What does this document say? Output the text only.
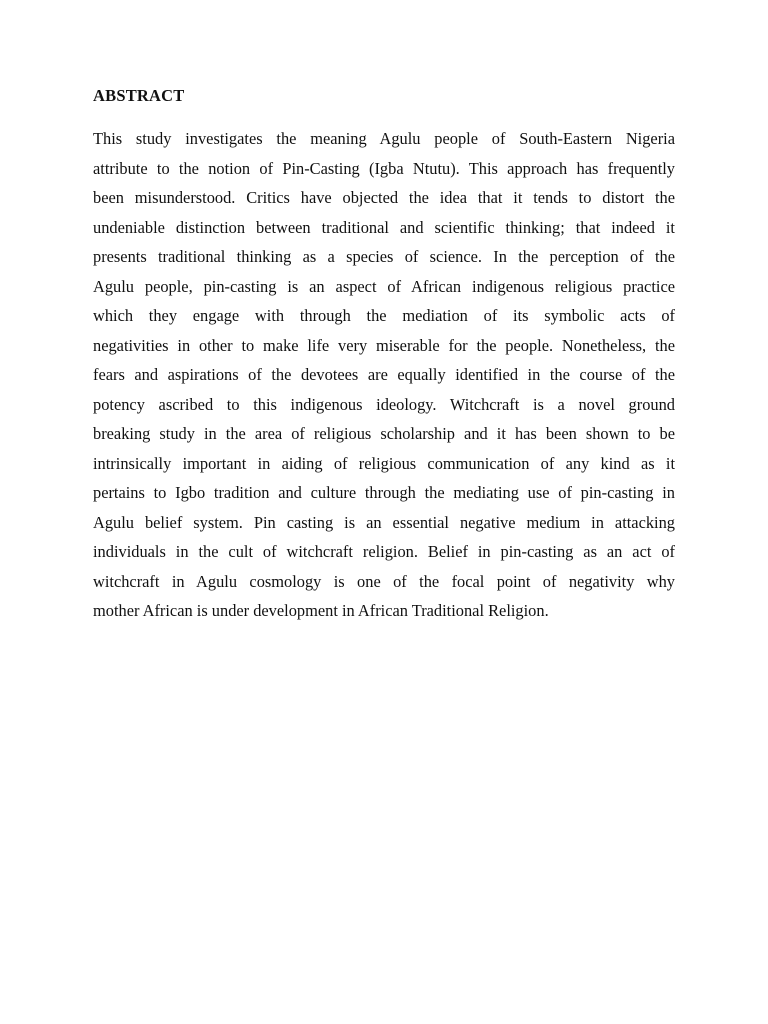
ABSTRACT
This study investigates the meaning Agulu people of South-Eastern Nigeria
attribute to the notion of Pin-Casting (Igba Ntutu). This approach has frequently
been misunderstood. Critics have objected the idea that it tends to distort the
undeniable distinction between traditional and scientific thinking; that indeed it
presents traditional thinking as a species of science. In the perception of the
Agulu people, pin-casting is an aspect of African indigenous religious practice
which they engage with through the mediation of its symbolic acts of
negativities in other to make life very miserable for the people. Nonetheless, the
fears and aspirations of the devotees are equally identified in the course of the
potency ascribed to this indigenous ideology. Witchcraft is a novel ground
breaking study in the area of religious scholarship and it has been shown to be
intrinsically important in aiding of religious communication of any kind as it
pertains to Igbo tradition and culture through the mediating use of pin-casting in
Agulu belief system. Pin casting is an essential negative medium in attacking
individuals in the cult of witchcraft religion. Belief in pin-casting as an act of
witchcraft in Agulu cosmology is one of the focal point of negativity why
mother African is under development in African Traditional Religion.
